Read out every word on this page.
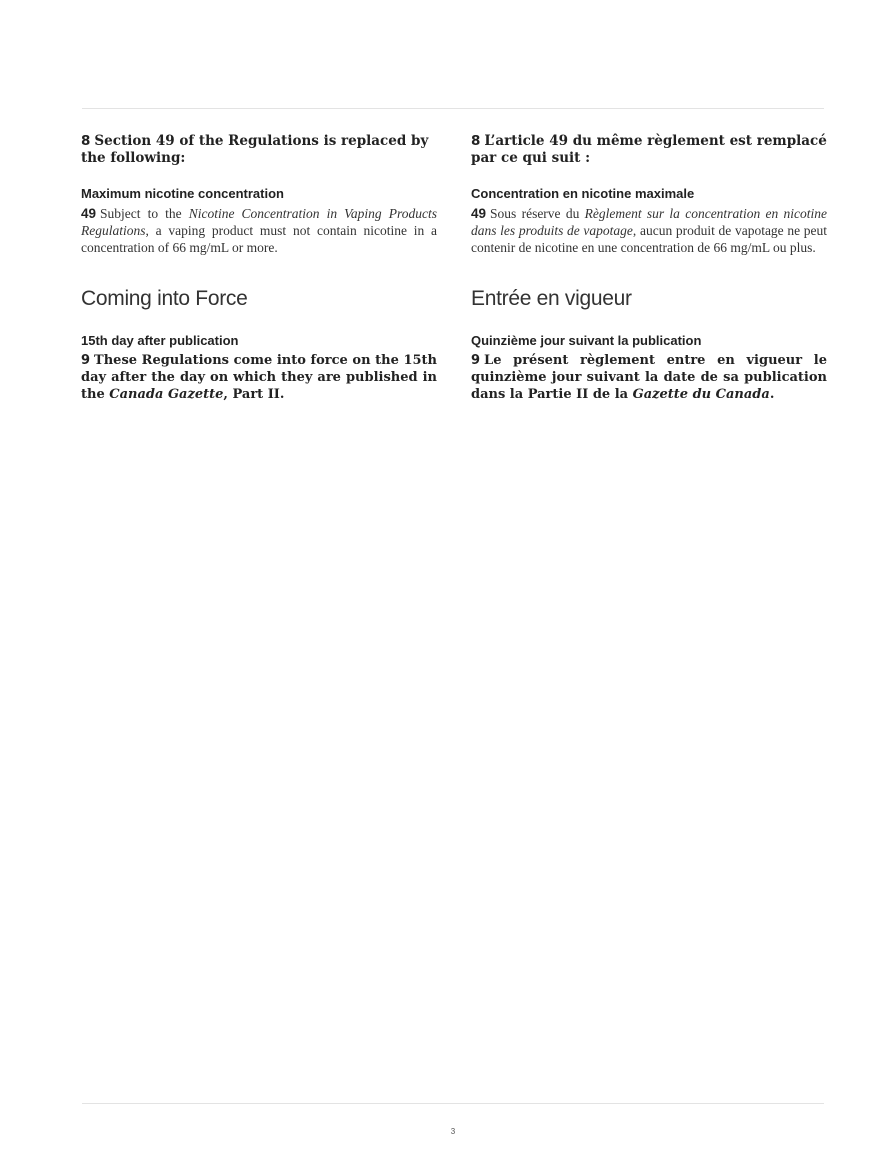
8 Section 49 of the Regulations is replaced by the following:

Maximum nicotine concentration

49 Subject to the Nicotine Concentration in Vaping Products Regulations, a vaping product must not contain nicotine in a concentration of 66 mg/mL or more.

Coming into Force

15th day after publication

9 These Regulations come into force on the 15th day after the day on which they are published in the Canada Gazette, Part II.

8 L’article 49 du même règlement est remplacé par ce qui suit :

Concentration en nicotine maximale

49 Sous réserve du Règlement sur la concentration en nicotine dans les produits de vapotage, aucun produit de vapotage ne peut contenir de nicotine en une concentration de 66 mg/mL ou plus.

Entrée en vigueur

Quinzième jour suivant la publication

9 Le présent règlement entre en vigueur le quinzième jour suivant la date de sa publication dans la Partie II de la Gazette du Canada.

3
